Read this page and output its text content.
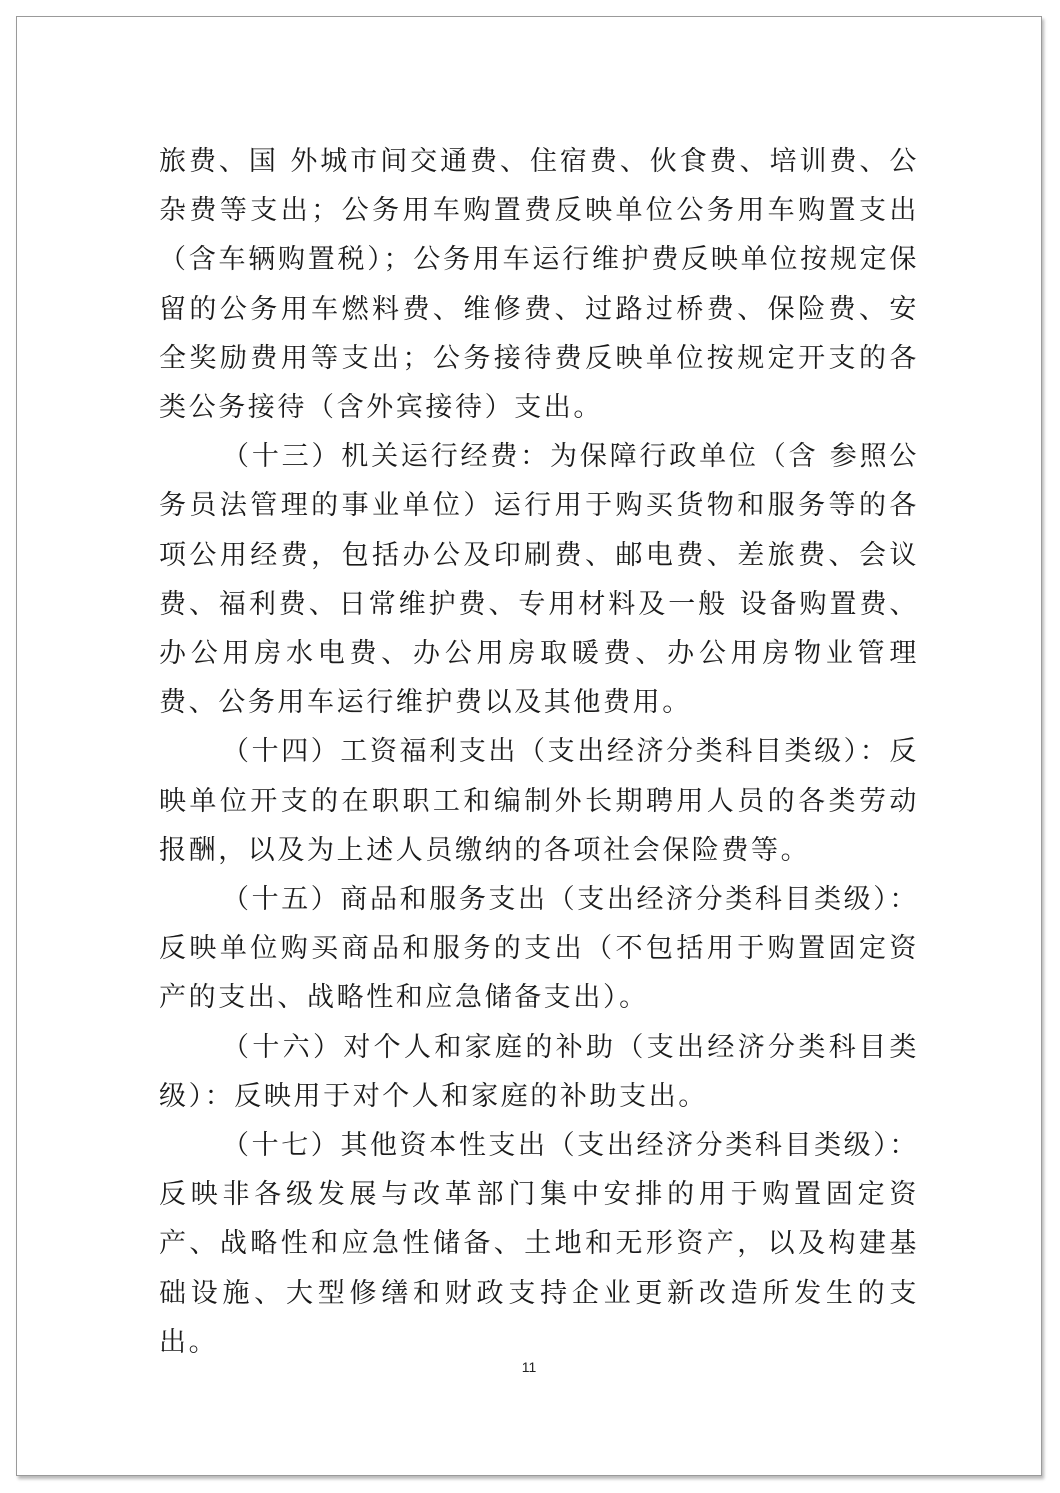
旅费、国 外城市间交通费、住宿费、伙食费、培训费、公杂费等支出；公务用车购置费反映单位公务用车购置支出（含车辆购置税）；公务用车运行维护费反映单位按规定保留的公务用车燃料费、维修费、过路过桥费、保险费、安全奖励费用等支出；公务接待费反映单位按规定开支的各类公务接待（含外宾接待）支出。

（十三）机关运行经费：为保障行政单位（含 参照公务员法管理的事业单位）运行用于购买货物和服务等的各项公用经费，包括办公及印刷费、邮电费、差旅费、会议费、福利费、日常维护费、专用材料及一般 设备购置费、办公用房水电费、办公用房取暖费、办公用房物业管理费、公务用车运行维护费以及其他费用。

（十四）工资福利支出（支出经济分类科目类级）：反映单位开支的在职职工和编制外长期聘用人员的各类劳动报酬，以及为上述人员缴纳的各项社会保险费等。

（十五）商品和服务支出（支出经济分类科目类级）：反映单位购买商品和服务的支出（不包括用于购置固定资产的支出、战略性和应急储备支出）。

（十六）对个人和家庭的补助（支出经济分类科目类级）：反映用于对个人和家庭的补助支出。

（十七）其他资本性支出（支出经济分类科目类级）：反映非各级发展与改革部门集中安排的用于购置固定资产、战略性和应急性储备、土地和无形资产，以及构建基础设施、大型修缮和财政支持企业更新改造所发生的支出。

11
